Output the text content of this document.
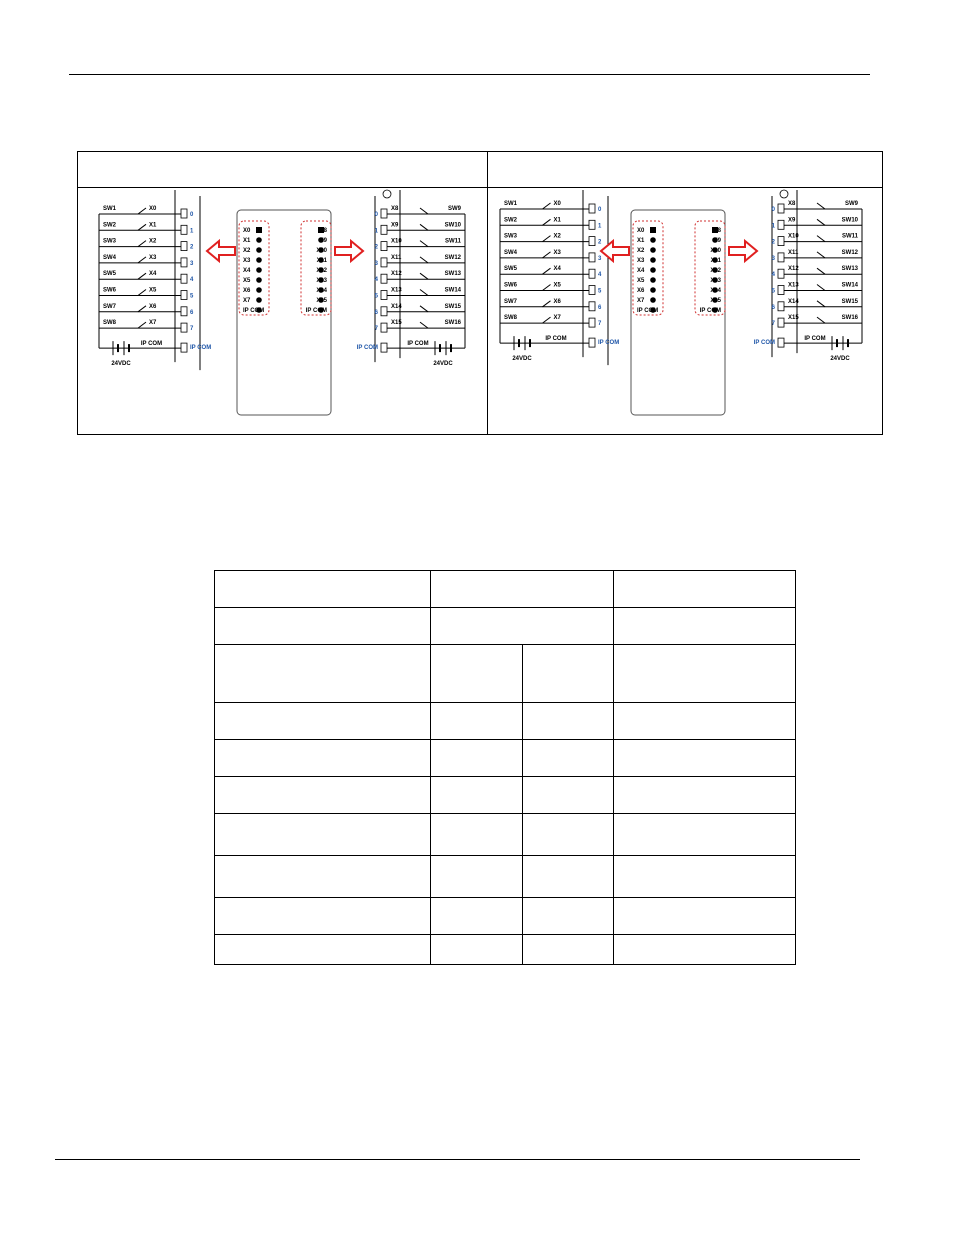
SW1	X0
SW2	X1
SW3	X2
SW4	X3
SW5	X4
SW6	X5
SW7	X6
SW8	X7
0
1
2
3
4
5
6
7
IP COM
IP COM
24VDC
X0
X1
X2
X3
X4
X5
X6
X7
IP COM
X8
X9
X10
X11
X12
X13
X14
X15
IP COM
0
1
2
3
4
5
6
7
IP COM
X8	SW9
X9	SW10
X10	SW11
X11	SW12
X12	SW13
X13	SW14
X14	SW15
X15	SW16
IP COM
24VDC
SW1	X0
SW2	X1
SW3	X2
SW4	X3
SW5	X4
SW6	X5
SW7	X6
SW8	X7
0
1
2
3
4
5
6
7
IP COM
IP COM
24VDC
X0
X1
X2
X3
X4
X5
X6
X7
IP COM
X8
X9
X10
X11
X12
X13
X14
X15
IP COM
0
1
2
3
4
5
6
7
IP COM
X8	SW9
X9	SW10
X10	SW11
X11	SW12
X12	SW13
X13	SW14
X14	SW15
X15	SW16
IP COM
24VDC
